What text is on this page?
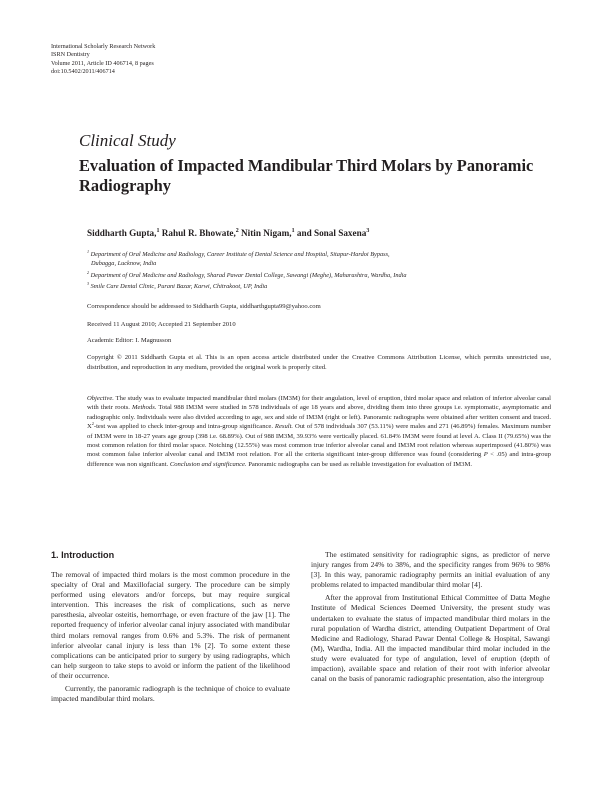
International Scholarly Research Network
ISRN Dentistry
Volume 2011, Article ID 406714, 8 pages
doi:10.5402/2011/406714
Clinical Study
Evaluation of Impacted Mandibular Third Molars by Panoramic Radiography
Siddharth Gupta,$^1$ Rahul R. Bhowate,$^2$ Nitin Nigam,$^1$ and Sonal Saxena$^3$
$^1$ Department of Oral Medicine and Radiology, Career Institute of Dental Science and Hospital, Sitapur-Hardoi Bypass,
Dubagga, Lucknow, India
$^2$ Department of Oral Medicine and Radiology, Sharad Pawar Dental College, Sawangi (Meghe), Maharashtra, Wardha, India
$^3$ Smile Care Dental Clinic, Purani Bazar, Karwi, Chitrakoot, UP, India
Correspondence should be addressed to Siddharth Gupta, siddharthgupta99@yahoo.com
Received 11 August 2010; Accepted 21 September 2010
Academic Editor: I. Magnusson
Copyright © 2011 Siddharth Gupta et al. This is an open access article distributed under the Creative Commons Attribution License, which permits unrestricted use, distribution, and reproduction in any medium, provided the original work is properly cited.
Objective. The study was to evaluate impacted mandibular third molars (IM3M) for their angulation, level of eruption, third molar space and relation of inferior alveolar canal with their roots. Methods. Total 988 IM3M were studied in 578 individuals of age 18 years and above, dividing them into three groups i.e. symptomatic, asymptomatic and radiographic only. Individuals were also divided according to age, sex and side of IM3M (right or left). Panoramic radiographs were obtained after written consent and traced. $X^2$-test was applied to check inter-group and intra-group significance. Result. Out of 578 individuals 307 (53.11%) were males and 271 (46.89%) females. Maximum number of IM3M were in 18-27 years age group (398 i.e. 68.89%). Out of 988 IM3M, 39.93% were vertically placed. 61.84% IM3M were found at level A. Class II (79.65%) was the most common relation for third molar space. Notching (12.55%) was most common true inferior alveolar canal and IM3M root relation whereas superimposed (41.80%) was most common false inferior alveolar canal and IM3M root relation. For all the criteria significant inter-group difference was found (considering P < .05) and intra-group difference was non significant. Conclusion and significance. Panoramic radiographs can be used as reliable investigation for evaluation of IM3M.
1. Introduction

The removal of impacted third molars is the most common procedure in the specialty of Oral and Maxillofacial surgery. The procedure can be simply performed using elevators and/or forceps, but may require surgical intervention. This increases the risk of complications, such as nerve paresthesia, alveolar osteitis, hemorrhage, or even fracture of the jaw [1]. The reported frequency of inferior alveolar canal injury associated with mandibular third molars removal ranges from 0.6% and 5.3%. The risk of permanent inferior alveolar canal injury is less than 1% [2]. To some extent these complications can be anticipated prior to surgery by using radiographs, which can help surgeon to take steps to avoid or inform the patient of the likelihood of their occurrence.

Currently, the panoramic radiograph is the technique of choice to evaluate impacted mandibular third molars.

The estimated sensitivity for radiographic signs, as predictor of nerve injury ranges from 24% to 38%, and the specificity ranges from 96% to 98% [3]. In this way, panoramic radiography permits an initial evaluation of any problems related to impacted mandibular third molar [4].

After the approval from Institutional Ethical Committee of Datta Meghe Institute of Medical Sciences Deemed University, the present study was undertaken to evaluate the status of impacted mandibular third molars in the rural population of Wardha district, attending Outpatient Department of Oral Medicine and Radiology, Sharad Pawar Dental College & Hospital, Sawangi (M), Wardha, India. All the impacted mandibular third molar included in the study were evaluated for type of angulation, level of eruption (depth of impaction), available space and relation of their root with inferior alveolar canal on the basis of panoramic radiographic presentation, also the intergroup
